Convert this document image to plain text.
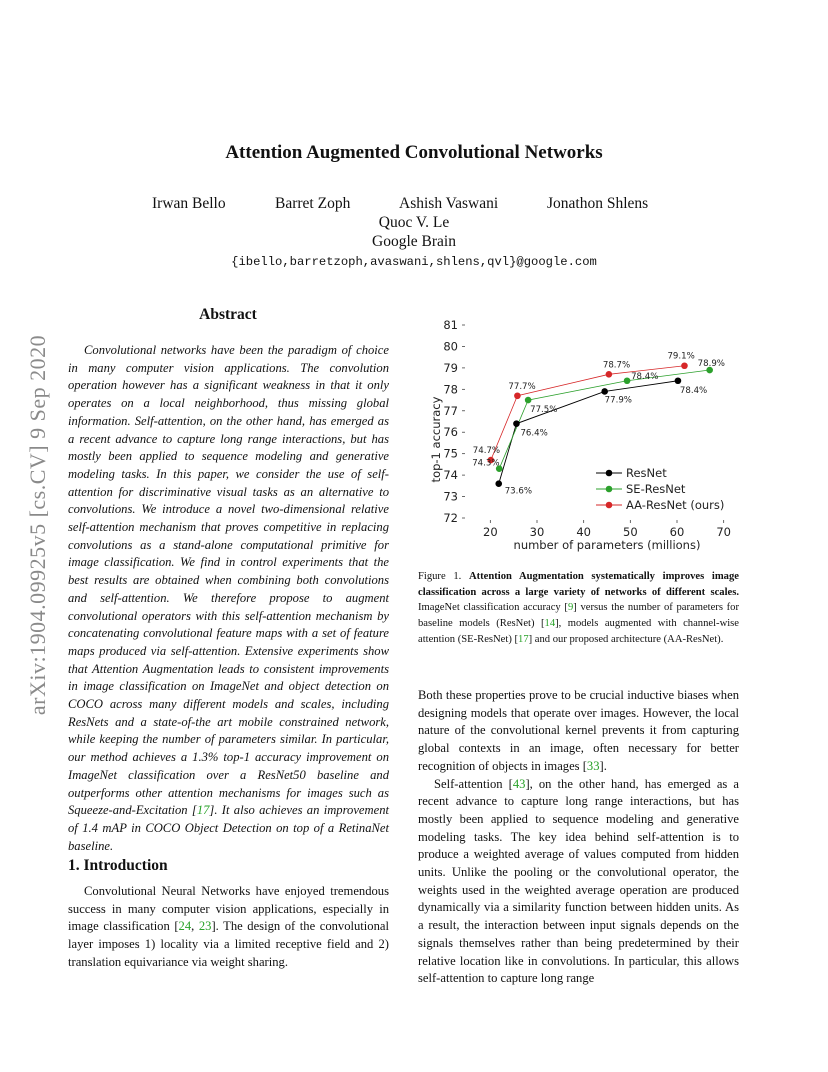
arXiv:1904.09925v5 [cs.CV] 9 Sep 2020
Attention Augmented Convolutional Networks
Irwan Bello	Barret Zoph	Ashish Vaswani	Jonathon Shlens
Quoc V. Le
Google Brain
{ibello,barretzoph,avaswani,shlens,qvl}@google.com
Abstract

Convolutional networks have been the paradigm of choice in many computer vision applications. The convolution operation however has a significant weakness in that it only operates on a local neighborhood, thus missing global information. Self-attention, on the other hand, has emerged as a recent advance to capture long range interactions, but has mostly been applied to sequence modeling and generative modeling tasks. In this paper, we consider the use of self-attention for discriminative visual tasks as an alternative to convolutions. We introduce a novel two-dimensional relative self-attention mechanism that proves competitive in replacing convolutions as a stand-alone computational primitive for image classification. We find in control experiments that the best results are obtained when combining both convolutions and self-attention. We therefore propose to augment convolutional operators with this self-attention mechanism by concatenating convolutional feature maps with a set of feature maps produced via self-attention. Extensive experiments show that Attention Augmentation leads to consistent improvements in image classification on ImageNet and object detection on COCO across many different models and scales, including ResNets and a state-of-the art mobile constrained network, while keeping the number of parameters similar. In particular, our method achieves a 1.3% top-1 accuracy improvement on ImageNet classification over a ResNet50 baseline and outperforms other attention mechanisms for images such as Squeeze-and-Excitation [17]. It also achieves an improvement of 1.4 mAP in COCO Object Detection on top of a RetinaNet baseline.

1. Introduction

Convolutional Neural Networks have enjoyed tremendous success in many computer vision applications, especially in image classification [24, 23]. The design of the convolutional layer imposes 1) locality via a limited receptive field and 2) translation equivariance via weight sharing.

20	30	40	50	60	70
72
73
74
75
76
77
78
79
80
81
number of parameters (millions)
top-1 accuracy
73.6%
76.4%
77.9%
78.4%
74.3%
77.5%
78.4%
78.9%
74.7%
77.7%
78.7%
79.1%
ResNet
SE-ResNet
AA-ResNet (ours)
Figure 1. Attention Augmentation systematically improves image classification across a large variety of networks of different scales. ImageNet classification accuracy [9] versus the number of parameters for baseline models (ResNet) [14], models augmented with channel-wise attention (SE-ResNet) [17] and our proposed architecture (AA-ResNet).

Both these properties prove to be crucial inductive biases when designing models that operate over images. However, the local nature of the convolutional kernel prevents it from capturing global contexts in an image, often necessary for better recognition of objects in images [33].

Self-attention [43], on the other hand, has emerged as a recent advance to capture long range interactions, but has mostly been applied to sequence modeling and generative modeling tasks. The key idea behind self-attention is to produce a weighted average of values computed from hidden units. Unlike the pooling or the convolutional operator, the weights used in the weighted average operation are produced dynamically via a similarity function between hidden units. As a result, the interaction between input signals depends on the signals themselves rather than being predetermined by their relative location like in convolutions. In particular, this allows self-attention to capture long range
